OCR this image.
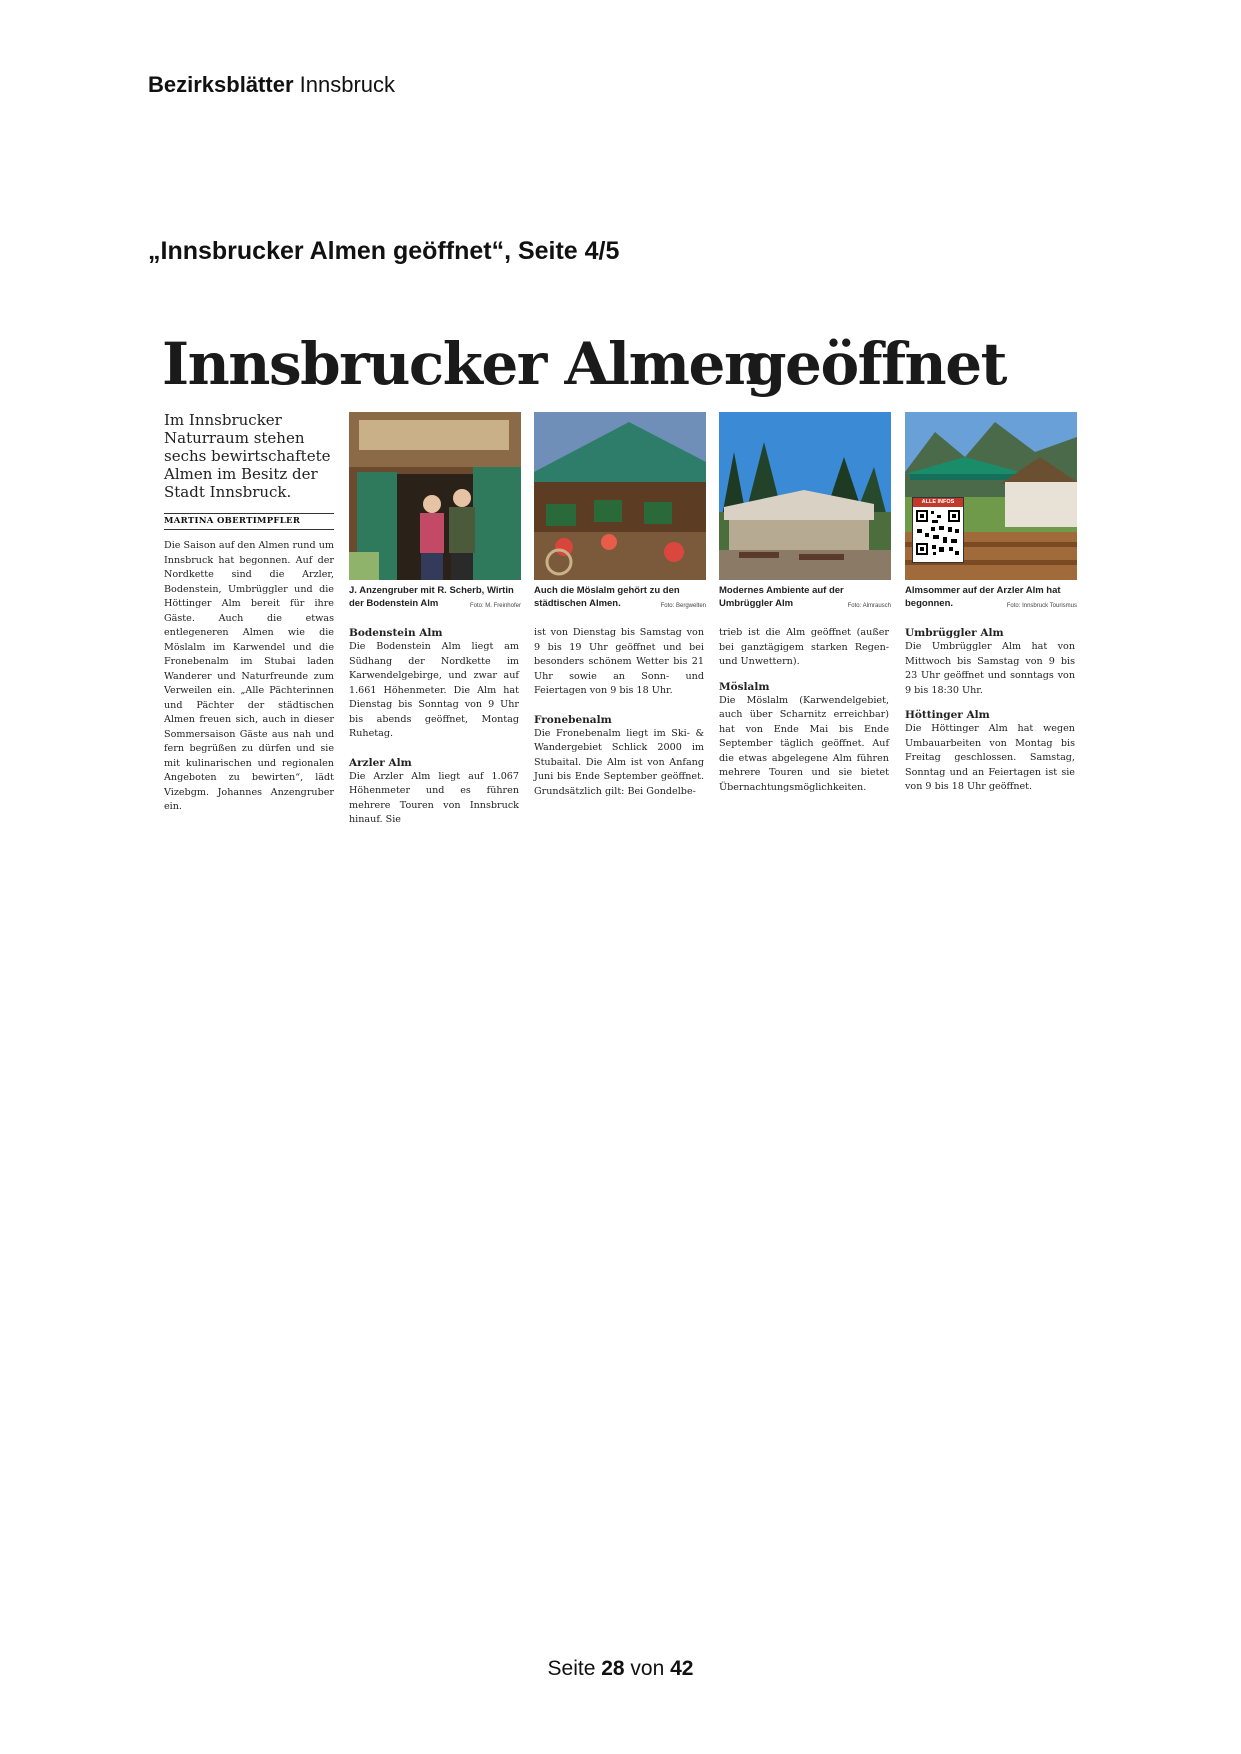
Bezirksblätter Innsbruck
„Innsbrucker Almen geöffnet“, Seite 4/5
Innsbrucker Almen
geöffnet
Im Innsbrucker Naturraum stehen sechs bewirtschaftete Almen im Besitz der Stadt Innsbruck.
MARTINA OBERTIMPFLER

Die Saison auf den Almen rund um Innsbruck hat begonnen. Auf der Nordkette sind die Arzler, Bodenstein, Umbrüggler und die Höttinger Alm bereit für ihre Gäste. Auch die etwas entlegeneren Almen wie die Möslalm im Karwendel und die Fronebenalm im Stubai laden Wanderer und Naturfreunde zum Verweilen ein. „Alle Pächterinnen und Pächter der städtischen Almen freuen sich, auch in dieser Sommersaison Gäste aus nah und fern begrüßen zu dürfen und sie mit kulinarischen und regionalen Angeboten zu bewirten“, lädt Vizebgm. Johannes Anzengruber ein.

J. Anzengruber mit R. Scherb, Wirtin der Bodenstein Alm	Foto: M. Freinhofer
Auch die Möslalm gehört zu den städtischen Almen.	Foto: Bergwelten
Modernes Ambiente auf der Umbrüggler Alm	Foto: Almrausch
ALLE INFOS
Almsommer auf der Arzler Alm hat begonnen.	Foto: Innsbruck Tourismus
Bodenstein Alm

Die Bodenstein Alm liegt am Südhang der Nordkette im Karwendelgebirge, und zwar auf 1.661 Höhenmeter. Die Alm hat Dienstag bis Sonntag von 9 Uhr bis abends geöffnet, Montag Ruhetag.

Arzler Alm

Die Arzler Alm liegt auf 1.067 Höhenmeter und es führen mehrere Touren von Innsbruck hinauf. Sie

ist von Dienstag bis Samstag von 9 bis 19 Uhr geöffnet und bei besonders schönem Wetter bis 21 Uhr sowie an Sonn- und Feiertagen von 9 bis 18 Uhr.

Fronebenalm

Die Fronebenalm liegt im Ski- & Wandergebiet Schlick 2000 im Stubaital. Die Alm ist von Anfang Juni bis Ende September geöffnet. Grundsätzlich gilt: Bei Gondelbe-

trieb ist die Alm geöffnet (außer bei ganztägigem starken Regen- und Unwettern).

Möslalm

Die Möslalm (Karwendelgebiet, auch über Scharnitz erreichbar) hat von Ende Mai bis Ende September täglich geöffnet. Auf die etwas abgelegene Alm führen mehrere Touren und sie bietet Übernachtungsmöglichkeiten.

Umbrüggler Alm

Die Umbrüggler Alm hat von Mittwoch bis Samstag von 9 bis 23 Uhr geöffnet und sonntags von 9 bis 18:30 Uhr.

Höttinger Alm

Die Höttinger Alm hat wegen Umbauarbeiten von Montag bis Freitag geschlossen. Samstag, Sonntag und an Feiertagen ist sie von 9 bis 18 Uhr geöffnet.

Seite 28 von 42
